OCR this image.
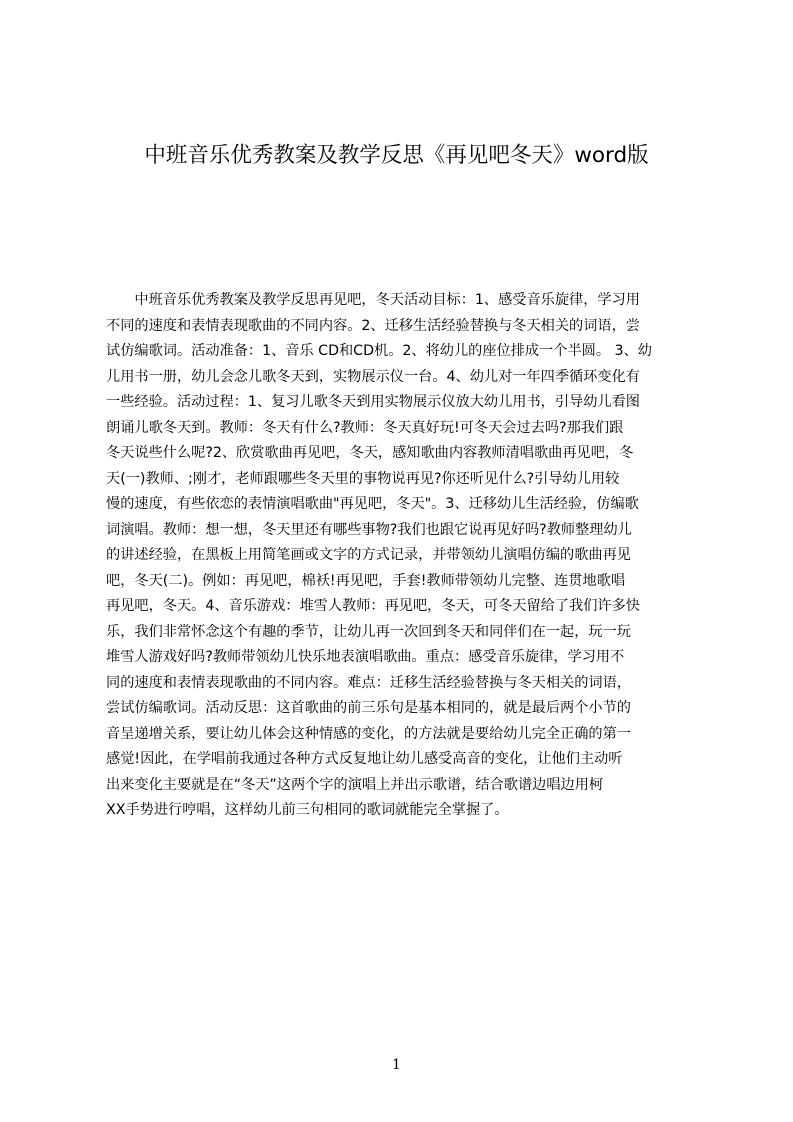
中班音乐优秀教案及教学反思《再见吧冬天》word版
　　中班音乐优秀教案及教学反思再见吧，冬天活动目标：1、感受音乐旋律，学习用
不同的速度和表情表现歌曲的不同内容。2、迁移生活经验替换与冬天相关的词语，尝
试仿编歌词。活动准备：1、音乐 CD和CD机。2、将幼儿的座位排成一个半圆。 3、幼
儿用书一册，幼儿会念儿歌冬天到，实物展示仪一台。4、幼儿对一年四季循环变化有
一些经验。活动过程：1、复习儿歌冬天到用实物展示仪放大幼儿用书，引导幼儿看图
朗诵儿歌冬天到。教师：冬天有什么?教师：冬天真好玩!可冬天会过去吗?那我们跟
冬天说些什么呢?2、欣赏歌曲再见吧，冬天，感知歌曲内容教师清唱歌曲再见吧，冬
天(一)教师、;刚才，老师跟哪些冬天里的事物说再见?你还听见什么?引导幼儿用较
慢的速度，有些依恋的表情演唱歌曲"再见吧，冬天"。3、迁移幼儿生活经验，仿编歌
词演唱。教师：想一想，冬天里还有哪些事物?我们也跟它说再见好吗?教师整理幼儿
的讲述经验，在黑板上用简笔画或文字的方式记录，并带领幼儿演唱仿编的歌曲再见
吧，冬天(二)。例如：再见吧，棉袄!再见吧，手套!教师带领幼儿完整、连贯地歌唱
再见吧，冬天。4、音乐游戏：堆雪人教师：再见吧，冬天，可冬天留给了我们许多快
乐，我们非常怀念这个有趣的季节，让幼儿再一次回到冬天和同伴们在一起，玩一玩
堆雪人游戏好吗?教师带领幼儿快乐地表演唱歌曲。重点：感受音乐旋律，学习用不
同的速度和表情表现歌曲的不同内容。难点：迁移生活经验替换与冬天相关的词语，
尝试仿编歌词。活动反思：这首歌曲的前三乐句是基本相同的，就是最后两个小节的
音呈递增关系，要让幼儿体会这种情感的变化，的方法就是要给幼儿完全正确的第一
感觉!因此，在学唱前我通过各种方式反复地让幼儿感受高音的变化，让他们主动听
出来变化主要就是在“冬天”这两个字的演唱上并出示歌谱，结合歌谱边唱边用柯
XX手势进行哼唱，这样幼儿前三句相同的歌词就能完全掌握了。
1
